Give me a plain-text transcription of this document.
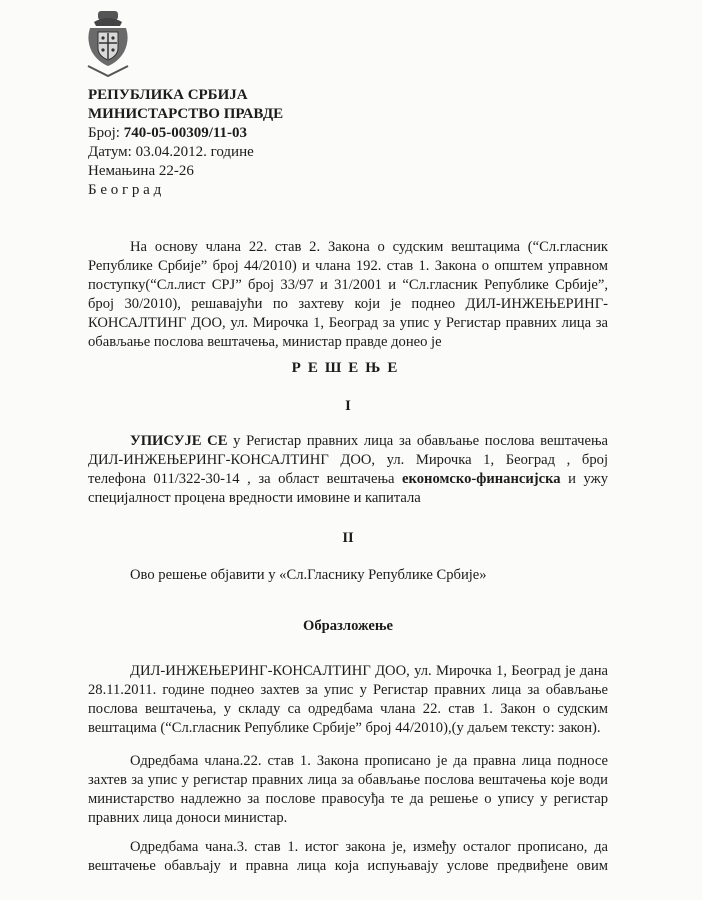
РЕПУБЛИКА СРБИЈА
МИНИСТАРСТВО ПРАВДЕ
Број: 740-05-00309/11-03
Датум: 03.04.2012. године
Немањина 22-26
Б е о г р а д
На основу члана 22. став 2. Закона о судским вештацима (“Сл.гласник
Републике Србије” број 44/2010) и члана 192. став 1. Закона о општем управном
поступку(“Сл.лист СРЈ” број 33/97 и 31/2001 и “Сл.гласник Републике Србије”,
број 30/2010), решавајући по захтеву који је поднео ДИЛ-ИНЖЕЊЕРИНГ-
КОНСАЛТИНГ ДОО, ул. Мирочка 1, Београд за упис у Регистар правних лица за
обављање послова вештачења, министар правде донео је
РЕШЕЊЕ
I
УПИСУЈЕ СЕ у Регистар правних лица за обављање послова вештачења
ДИЛ-ИНЖЕЊЕРИНГ-КОНСАЛТИНГ ДОО, ул. Мирочка 1, Београд , број
телефона 011/322-30-14 , за област вештачења економско-финансијска и ужу
специјалност процена вредности имовине и капитала
II
Ово решење објавити у «Сл.Гласнику Републике Србије»
Образложење
ДИЛ-ИНЖЕЊЕРИНГ-КОНСАЛТИНГ ДОО, ул. Мирочка 1, Београд је дана
28.11.2011. године поднео захтев за упис у Регистар правних лица за обављање
послова вештачења, у складу са одредбама члана 22. став 1. Закон о судским
вештацима (“Сл.гласник Републике Србије” број 44/2010),(у даљем тексту: закон).
Одредбама члана.22. став 1. Закона прописано је да правна лица подносе
захтев за упис у регистар правних лица за обављање послова вештачења које води
министарство надлежно за послове правосуђа те да решење о упису у регистар
правних лица доноси министар.
Одредбама чана.3. став 1. истог закона је, између осталог прописано, да
вештачење обављају и правна лица која испуњавају услове предвиђене овим
